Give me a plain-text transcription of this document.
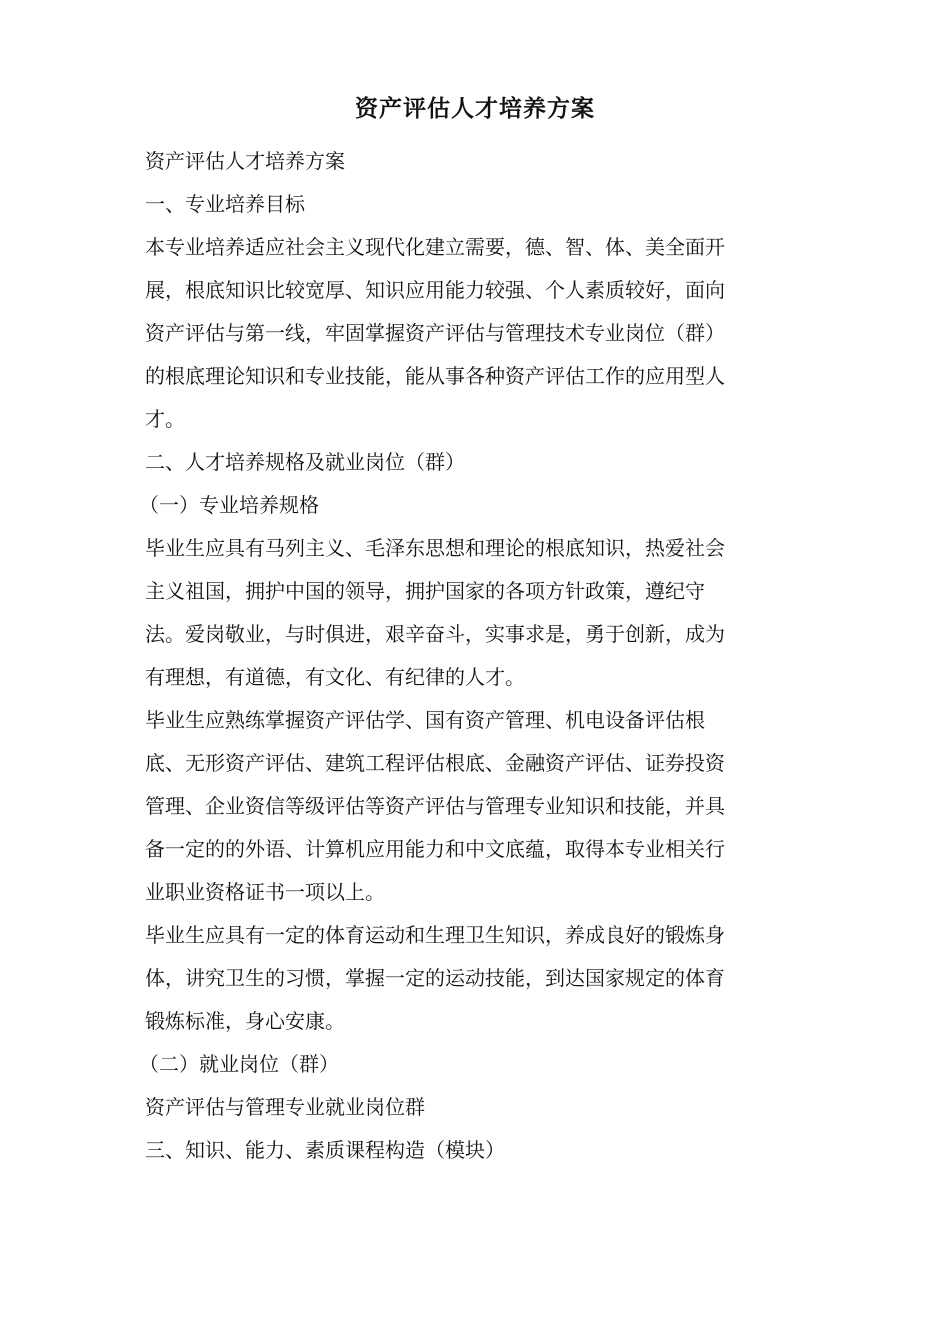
资产评估人才培养方案
资产评估人才培养方案
一、专业培养目标
本专业培养适应社会主义现代化建立需要，德、智、体、美全面开
展，根底知识比较宽厚、知识应用能力较强、个人素质较好，面向
资产评估与第一线，牢固掌握资产评估与管理技术专业岗位（群）
的根底理论知识和专业技能，能从事各种资产评估工作的应用型人
才。
二、人才培养规格及就业岗位（群）
（一）专业培养规格
毕业生应具有马列主义、毛泽东思想和理论的根底知识，热爱社会
主义祖国，拥护中国的领导，拥护国家的各项方针政策，遵纪守
法。爱岗敬业，与时俱进，艰辛奋斗，实事求是，勇于创新，成为
有理想，有道德，有文化、有纪律的人才。
毕业生应熟练掌握资产评估学、国有资产管理、机电设备评估根
底、无形资产评估、建筑工程评估根底、金融资产评估、证券投资
管理、企业资信等级评估等资产评估与管理专业知识和技能，并具
备一定的的外语、计算机应用能力和中文底蕴，取得本专业相关行
业职业资格证书一项以上。
毕业生应具有一定的体育运动和生理卫生知识，养成良好的锻炼身
体，讲究卫生的习惯，掌握一定的运动技能，到达国家规定的体育
锻炼标准，身心安康。
（二）就业岗位（群）
资产评估与管理专业就业岗位群
三、知识、能力、素质课程构造（模块）
